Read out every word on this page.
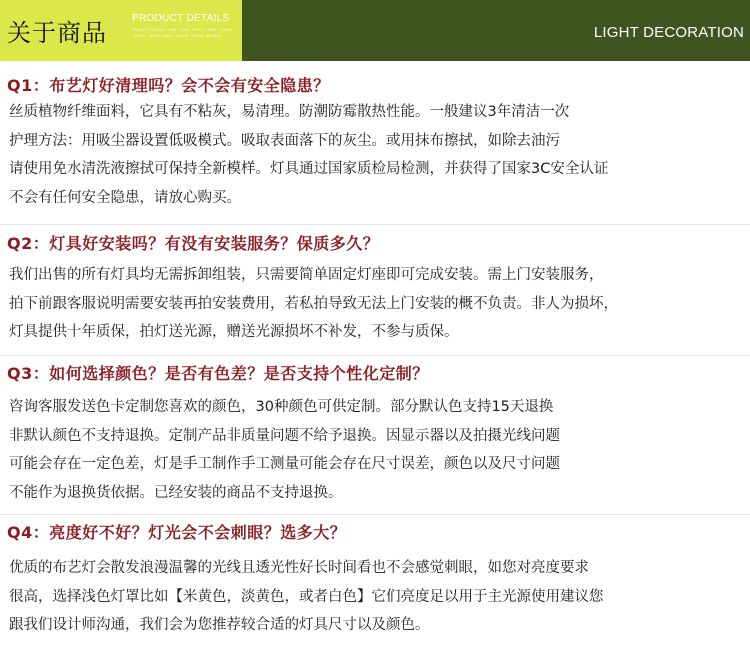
关于商品
PRODUCT DETAILS
PRODUCT DETAILS · CAN · TONE · STYLE · TYPE · CLEAN · STYLE · DETAIL · SIZE · COLOR · DETAIL · REVIEW	LIGHT DECORATION
Q1：布艺灯好清理吗？会不会有安全隐患？
丝质植物纤维面料，它具有不粘灰，易清理。防潮防霉散热性能。一般建议3年清洁一次
护理方法：用吸尘器设置低吸模式。吸取表面落下的灰尘。或用抹布擦拭，如除去油污
请使用免水清洗液擦拭可保持全新模样。灯具通过国家质检局检测，并获得了国家3C安全认证
不会有任何安全隐患，请放心购买。
Q2：灯具好安装吗？有没有安装服务？保质多久？
我们出售的所有灯具均无需拆卸组装，只需要简单固定灯座即可完成安装。需上门安装服务，
拍下前跟客服说明需要安装再拍安装费用，若私拍导致无法上门安装的概不负责。非人为损坏，
灯具提供十年质保，拍灯送光源，赠送光源损坏不补发，不参与质保。
Q3：如何选择颜色？是否有色差？是否支持个性化定制？
咨询客服发送色卡定制您喜欢的颜色，30种颜色可供定制。部分默认色支持15天退换
非默认颜色不支持退换。定制产品非质量问题不给予退换。因显示器以及拍摄光线问题
可能会存在一定色差，灯是手工制作手工测量可能会存在尺寸误差，颜色以及尺寸问题
不能作为退换货依据。已经安装的商品不支持退换。
Q4：亮度好不好？灯光会不会刺眼？选多大？
优质的布艺灯会散发浪漫温馨的光线且透光性好长时间看也不会感觉刺眼，如您对亮度要求
很高，选择浅色灯罩比如【米黄色，淡黄色，或者白色】它们亮度足以用于主光源使用建议您
跟我们设计师沟通，我们会为您推荐较合适的灯具尺寸以及颜色。
